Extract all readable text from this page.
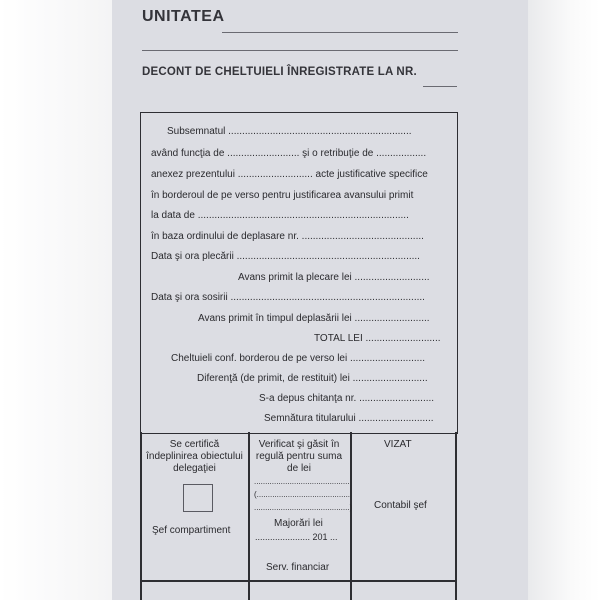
UNITATEA
DECONT DE CHELTUIELI ÎNREGISTRATE LA NR.
Subsemnatul ..................................................................
având funcţia de .......................... şi o retribuţie de ..................
anexez prezentului ........................... acte justificative specifice
în borderoul de pe verso pentru justificarea avansului primit
la data de ............................................................................
în baza ordinului de deplasare nr. ............................................
Data şi ora plecării ..................................................................
Avans primit la plecare lei ...........................
Data şi ora sosirii ......................................................................
Avans primit în timpul deplasării lei ...........................
TOTAL LEI ...........................
Cheltuieli conf. borderou de pe verso lei ...........................
Diferenţă (de primit, de restituit) lei ...........................
S-a depus chitanţa nr. ...........................
Semnătura titularului ...........................
Se certifică îndeplinirea obiectului delegaţiei
Şef compartiment
Verificat şi găsit în regulă pentru suma de lei
...........................................
(..........................................
...........................................)
Majorări lei
...................... 201 ...
Serv. financiar
VIZAT
Contabil şef
